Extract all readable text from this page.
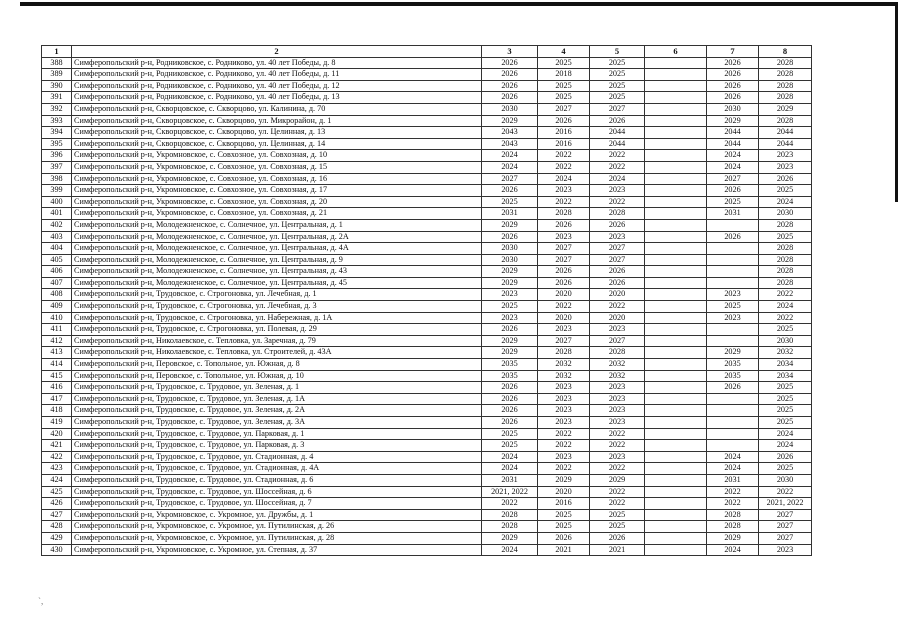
1	2	3	4	5	6	7	8
388	Симферопольский р-н, Родниковское, с. Родниково, ул. 40 лет Победы, д. 8	2026	2025	2025		2026	2028
389	Симферопольский р-н, Родниковское, с. Родниково, ул. 40 лет Победы, д. 11	2026	2018	2025		2026	2028
390	Симферопольский р-н, Родниковское, с. Родниково, ул. 40 лет Победы, д. 12	2026	2025	2025		2026	2028
391	Симферопольский р-н, Родниковское, с. Родниково, ул. 40 лет Победы, д. 13	2026	2025	2025		2026	2028
392	Симферопольский р-н, Скворцовское, с. Скворцово, ул. Калинина, д. 70	2030	2027	2027		2030	2029
393	Симферопольский р-н, Скворцовское, с. Скворцово, ул. Микрорайон, д. 1	2029	2026	2026		2029	2028
394	Симферопольский р-н, Скворцовское, с. Скворцово, ул. Целинная, д. 13	2043	2016	2044		2044	2044
395	Симферопольский р-н, Скворцовское, с. Скворцово, ул. Целинная, д. 14	2043	2016	2044		2044	2044
396	Симферопольский р-н, Укромновское, с. Совхозное, ул. Совхозная, д. 10	2024	2022	2022		2024	2023
397	Симферопольский р-н, Укромновское, с. Совхозное, ул. Совхозная, д. 15	2024	2022	2022		2024	2023
398	Симферопольский р-н, Укромновское, с. Совхозное, ул. Совхозная, д. 16	2027	2024	2024		2027	2026
399	Симферопольский р-н, Укромновское, с. Совхозное, ул. Совхозная, д. 17	2026	2023	2023		2026	2025
400	Симферопольский р-н, Укромновское, с. Совхозное, ул. Совхозная, д. 20	2025	2022	2022		2025	2024
401	Симферопольский р-н, Укромновское, с. Совхозное, ул. Совхозная, д. 21	2031	2028	2028		2031	2030
402	Симферопольский р-н, Молодежненское, с. Солнечное, ул. Центральная, д. 1	2029	2026	2026			2028
403	Симферопольский р-н, Молодежненское, с. Солнечное, ул. Центральная, д. 2А	2026	2023	2023		2026	2025
404	Симферопольский р-н, Молодежненское, с. Солнечное, ул. Центральная, д. 4А	2030	2027	2027			2028
405	Симферопольский р-н, Молодежненское, с. Солнечное, ул. Центральная, д. 9	2030	2027	2027			2028
406	Симферопольский р-н, Молодежненское, с. Солнечное, ул. Центральная, д. 43	2029	2026	2026			2028
407	Симферопольский р-н, Молодежненское, с. Солнечное, ул. Центральная, д. 45	2029	2026	2026			2028
408	Симферопольский р-н, Трудовское, с. Строгоновка, ул. Лечебная, д. 1	2023	2020	2020		2023	2022
409	Симферопольский р-н, Трудовское, с. Строгоновка, ул. Лечебная, д. 3	2025	2022	2022		2025	2024
410	Симферопольский р-н, Трудовское, с. Строгоновка, ул. Набережная, д. 1А	2023	2020	2020		2023	2022
411	Симферопольский р-н, Трудовское, с. Строгоновка, ул. Полевая, д. 29	2026	2023	2023			2025
412	Симферопольский р-н, Николаевское, с. Тепловка, ул. Заречная, д. 79	2029	2027	2027			2030
413	Симферопольский р-н, Николаевское, с. Тепловка, ул. Строителей, д. 43А	2029	2028	2028		2029	2032
414	Симферопольский р-н, Перовское, с. Топольное, ул. Южная, д. 8	2035	2032	2032		2035	2034
415	Симферопольский р-н, Перовское, с. Топольное, ул. Южная, д. 10	2035	2032	2032		2035	2034
416	Симферопольский р-н, Трудовское, с. Трудовое, ул. Зеленая, д. 1	2026	2023	2023		2026	2025
417	Симферопольский р-н, Трудовское, с. Трудовое, ул. Зеленая, д. 1А	2026	2023	2023			2025
418	Симферопольский р-н, Трудовское, с. Трудовое, ул. Зеленая, д. 2А	2026	2023	2023			2025
419	Симферопольский р-н, Трудовское, с. Трудовое, ул. Зеленая, д. 3А	2026	2023	2023			2025
420	Симферопольский р-н, Трудовское, с. Трудовое, ул. Парковая, д. 1	2025	2022	2022			2024
421	Симферопольский р-н, Трудовское, с. Трудовое, ул. Парковая, д. 3	2025	2022	2022			2024
422	Симферопольский р-н, Трудовское, с. Трудовое, ул. Стадионная, д. 4	2024	2023	2023		2024	2026
423	Симферопольский р-н, Трудовское, с. Трудовое, ул. Стадионная, д. 4А	2024	2022	2022		2024	2025
424	Симферопольский р-н, Трудовское, с. Трудовое, ул. Стадионная, д. 6	2031	2029	2029		2031	2030
425	Симферопольский р-н, Трудовское, с. Трудовое, ул. Шоссейная, д. 6	2021, 2022	2020	2022		2022	2022
426	Симферопольский р-н, Трудовское, с. Трудовое, ул. Шоссейная, д. 7	2022	2016	2022		2022	2021, 2022
427	Симферопольский р-н, Укромновское, с. Укромное, ул. Дружбы, д. 1	2028	2025	2025		2028	2027
428	Симферопольский р-н, Укромновское, с. Укромное, ул. Путилинская, д. 26	2028	2025	2025		2028	2027
429	Симферопольский р-н, Укромновское, с. Укромное, ул. Путилинская, д. 28	2029	2026	2026		2029	2027
430	Симферопольский р-н, Укромновское, с. Укромное, ул. Степная, д. 37	2024	2021	2021		2024	2023
`,
